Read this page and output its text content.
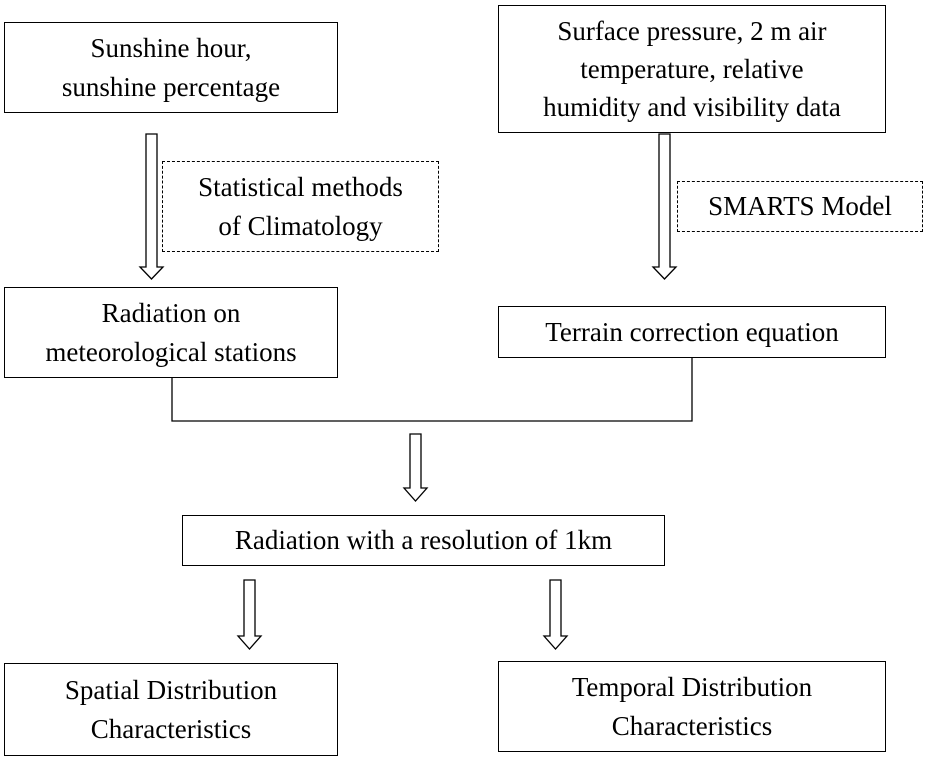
Sunshine hour,
sunshine percentage
Surface pressure, 2 m air
temperature, relative
humidity and visibility data
Statistical methods
of Climatology
SMARTS Model
Radiation on
meteorological stations
Terrain correction equation
Radiation with a resolution of 1km
Spatial Distribution
Characteristics
Temporal Distribution
Characteristics
